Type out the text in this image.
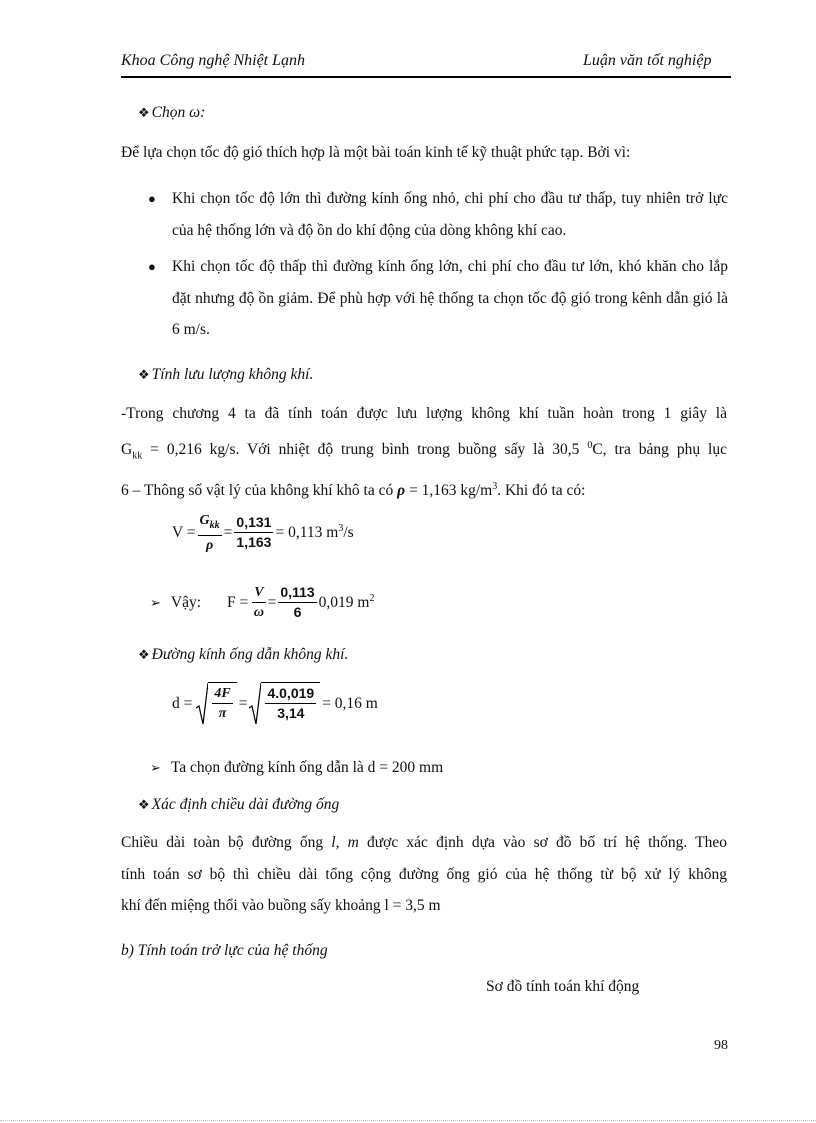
Khoa Công nghệ Nhiệt Lạnh	Luận văn tốt nghiệp
❖ Chọn ω:
Để lựa chọn tốc độ gió thích hợp là một bài toán kinh tế kỹ thuật phức tạp. Bởi vì:
● Khi chọn tốc độ lớn thì đường kính ống nhỏ, chi phí cho đầu tư thấp, tuy nhiên trở lực của hệ thống lớn và độ ồn do khí động của dòng không khí cao.
● Khi chọn tốc độ thấp thì đường kính ống lớn, chi phí cho đầu tư lớn, khó khăn cho lắp đặt nhưng độ ồn giảm. Để phù hợp với hệ thống ta chọn tốc độ gió trong kênh dẫn gió là 6 m/s.
❖ Tính lưu lượng không khí.
-Trong chương 4 ta đã tính toán được lưu lượng không khí tuần hoàn trong 1 giây là
$G_{kk} = 0,216$ kg/s. Với nhiệt độ trung bình trong buồng sấy là 30,5 $^0$C, tra bảng phụ lục
6 – Thông số vật lý của không khí khô ta có ρ = 1,163 $kg/m^3$. Khi đó ta có:
$V = \frac{G_{kk}}{\rho} = \frac{0,131}{1,163} = 0,113$ $m^3/s$
➢ Vậy: $F = \frac{V}{\omega} = \frac{0,113}{6} 0,019$ $m^2$
❖ Đường kính ống dẫn không khí.
$d = \frac{4F}{\pi} = \frac{4.0,019}{3,14} = 0,16$ m
➢ Ta chọn đường kính ống dẫn là d = 200 mm
❖ Xác định chiều dài đường ống
Chiều dài toàn bộ đường ống l, m được xác định dựa vào sơ đồ bố trí hệ thống. Theo
tính toán sơ bộ thì chiều dài tổng cộng đường ống gió của hệ thống từ bộ xử lý không
khí đến miệng thổi vào buồng sấy khoảng l = 3,5 m
b) Tính toán trở lực của hệ thống
Sơ đồ tính toán khí động
98
